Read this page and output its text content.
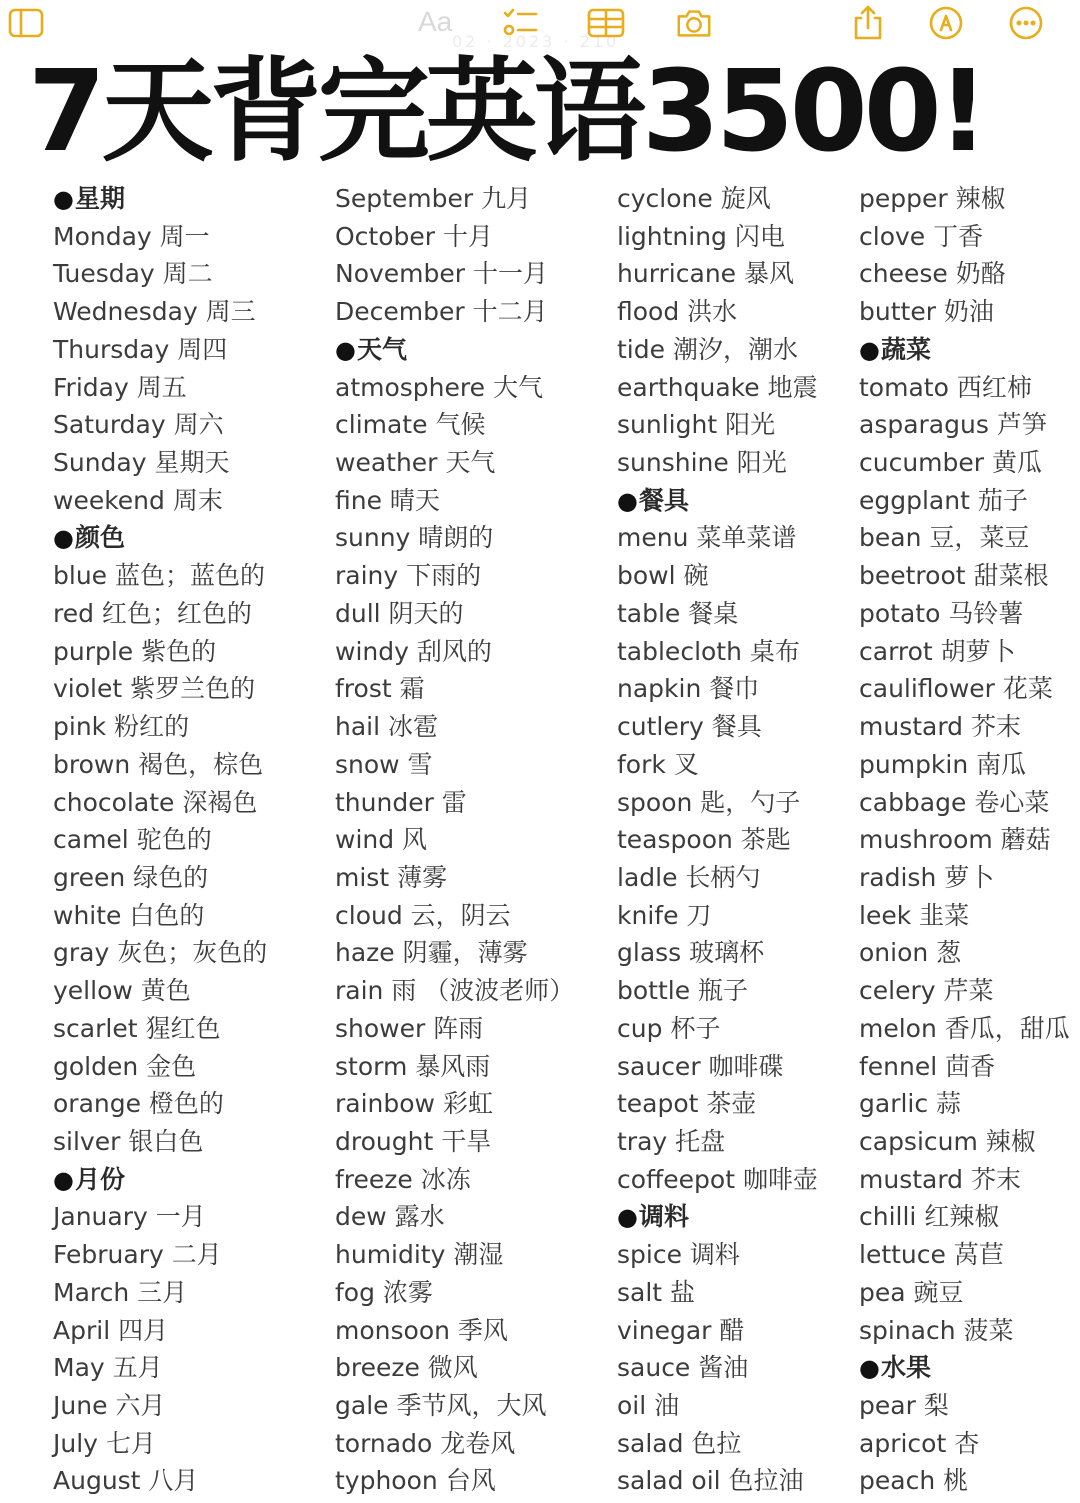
Aa
02 · 2023 · 210
7天背完英语3500!
●星期
Monday 周一
Tuesday 周二
Wednesday 周三
Thursday 周四
Friday 周五
Saturday 周六
Sunday 星期天
weekend 周末
●颜色
blue 蓝色；蓝色的
red 红色；红色的
purple 紫色的
violet 紫罗兰色的
pink 粉红的
brown 褐色，棕色
chocolate 深褐色
camel 驼色的
green 绿色的
white 白色的
gray 灰色；灰色的
yellow 黄色
scarlet 猩红色
golden 金色
orange 橙色的
silver 银白色
●月份
January 一月
February 二月
March 三月
April 四月
May 五月
June 六月
July 七月
August 八月
September 九月
October 十月
November 十一月
December 十二月
●天气
atmosphere 大气
climate 气候
weather 天气
fine 晴天
sunny 晴朗的
rainy 下雨的
dull 阴天的
windy 刮风的
frost 霜
hail 冰雹
snow 雪
thunder 雷
wind 风
mist 薄雾
cloud 云，阴云
haze 阴霾，薄雾
rain 雨 （波波老师）
shower 阵雨
storm 暴风雨
rainbow 彩虹
drought 干旱
freeze 冰冻
dew 露水
humidity 潮湿
fog 浓雾
monsoon 季风
breeze 微风
gale 季节风，大风
tornado 龙卷风
typhoon 台风
cyclone 旋风
lightning 闪电
hurricane 暴风
flood 洪水
tide 潮汐，潮水
earthquake 地震
sunlight 阳光
sunshine 阳光
●餐具
menu 菜单菜谱
bowl 碗
table 餐桌
tablecloth 桌布
napkin 餐巾
cutlery 餐具
fork 叉
spoon 匙，勺子
teaspoon 茶匙
ladle 长柄勺
knife 刀
glass 玻璃杯
bottle 瓶子
cup 杯子
saucer 咖啡碟
teapot 茶壶
tray 托盘
coffeepot 咖啡壶
●调料
spice 调料
salt 盐
vinegar 醋
sauce 酱油
oil 油
salad 色拉
salad oil 色拉油
pepper 辣椒
clove 丁香
cheese 奶酪
butter 奶油
●蔬菜
tomato 西红柿
asparagus 芦笋
cucumber 黄瓜
eggplant 茄子
bean 豆，菜豆
beetroot 甜菜根
potato 马铃薯
carrot 胡萝卜
cauliflower 花菜
mustard 芥末
pumpkin 南瓜
cabbage 卷心菜
mushroom 蘑菇
radish 萝卜
leek 韭菜
onion 葱
celery 芹菜
melon 香瓜，甜瓜
fennel 茴香
garlic 蒜
capsicum 辣椒
mustard 芥末
chilli 红辣椒
lettuce 莴苣
pea 豌豆
spinach 菠菜
●水果
pear 梨
apricot 杏
peach 桃
